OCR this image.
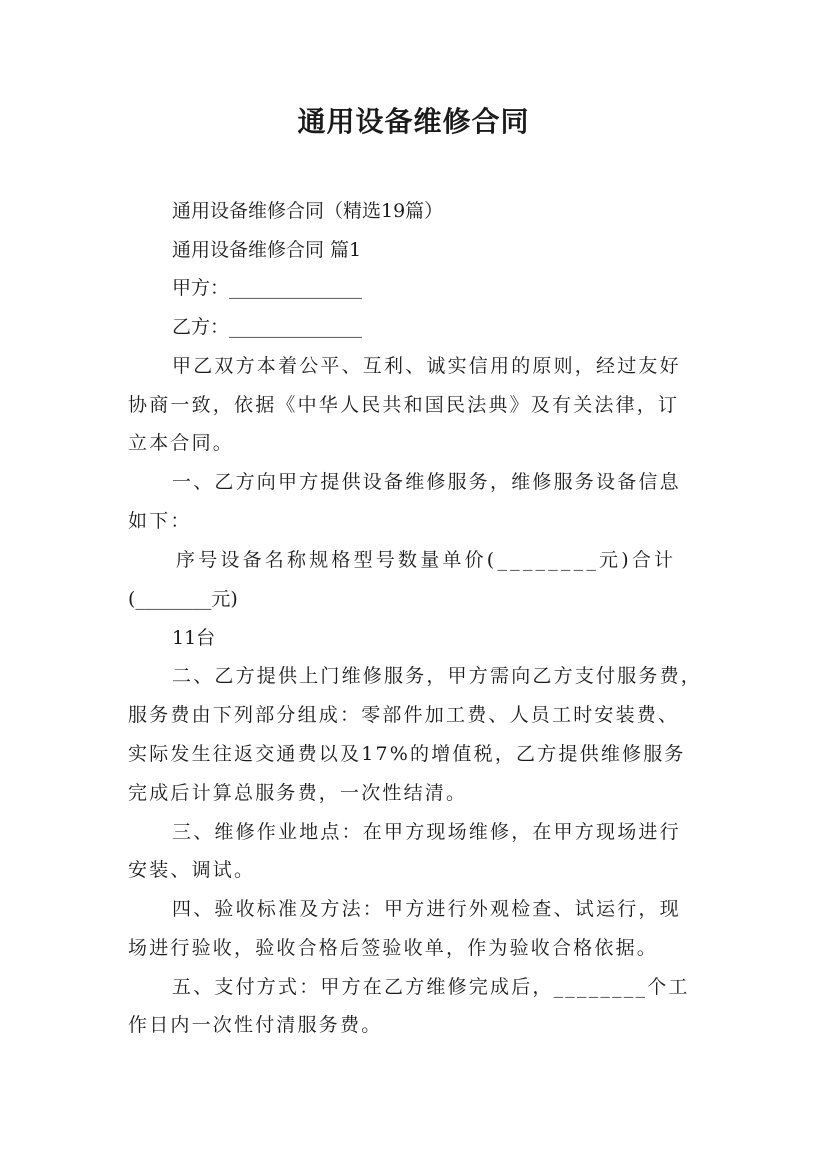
通用设备维修合同
通用设备维修合同（精选19篇）
通用设备维修合同 篇1
甲方：______________
乙方：______________
甲乙双方本着公平、互利、诚实信用的原则，经过友好
协商一致，依据《中华人民共和国民法典》及有关法律，订
立本合同。
一、乙方向甲方提供设备维修服务，维修服务设备信息
如下：
序号设备名称规格型号数量单价(________元)合计
(________元)
11台
二、乙方提供上门维修服务，甲方需向乙方支付服务费，
服务费由下列部分组成：零部件加工费、人员工时安装费、
实际发生往返交通费以及17%的增值税，乙方提供维修服务
完成后计算总服务费，一次性结清。
三、维修作业地点：在甲方现场维修，在甲方现场进行
安装、调试。
四、验收标准及方法：甲方进行外观检查、试运行，现
场进行验收，验收合格后签验收单，作为验收合格依据。
五、支付方式：甲方在乙方维修完成后，________个工
作日内一次性付清服务费。
